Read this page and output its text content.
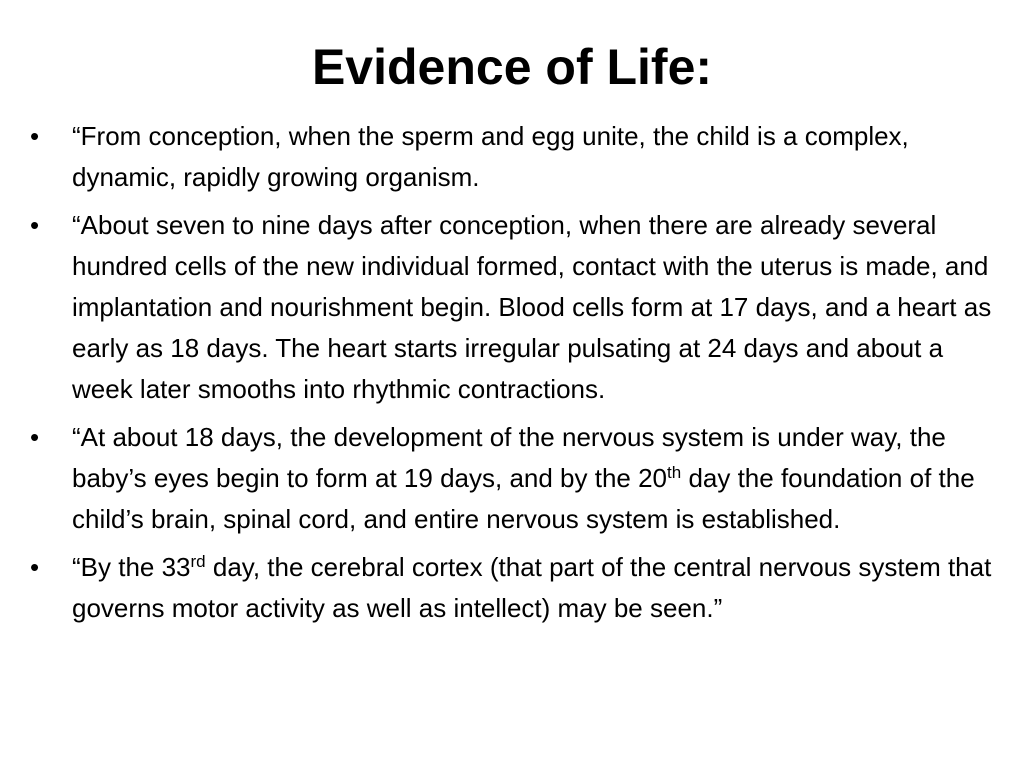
Evidence of Life:
•	“From conception, when the sperm and egg unite, the child is a complex, dynamic, rapidly growing organism.
•	“About seven to nine days after conception, when there are already several hundred cells of the new individual formed, contact with the uterus is made, and implantation and nourishment begin. Blood cells form at 17 days, and a heart as early as 18 days. The heart starts irregular pulsating at 24 days and about a week later smooths into rhythmic contractions.
•	“At about 18 days, the development of the nervous system is under way, the baby’s eyes begin to form at 19 days, and by the 20th day the foundation of the child’s brain, spinal cord, and entire nervous system is established.
•	“By the 33rd day, the cerebral cortex (that part of the central nervous system that governs motor activity as well as intellect) may be seen.”
